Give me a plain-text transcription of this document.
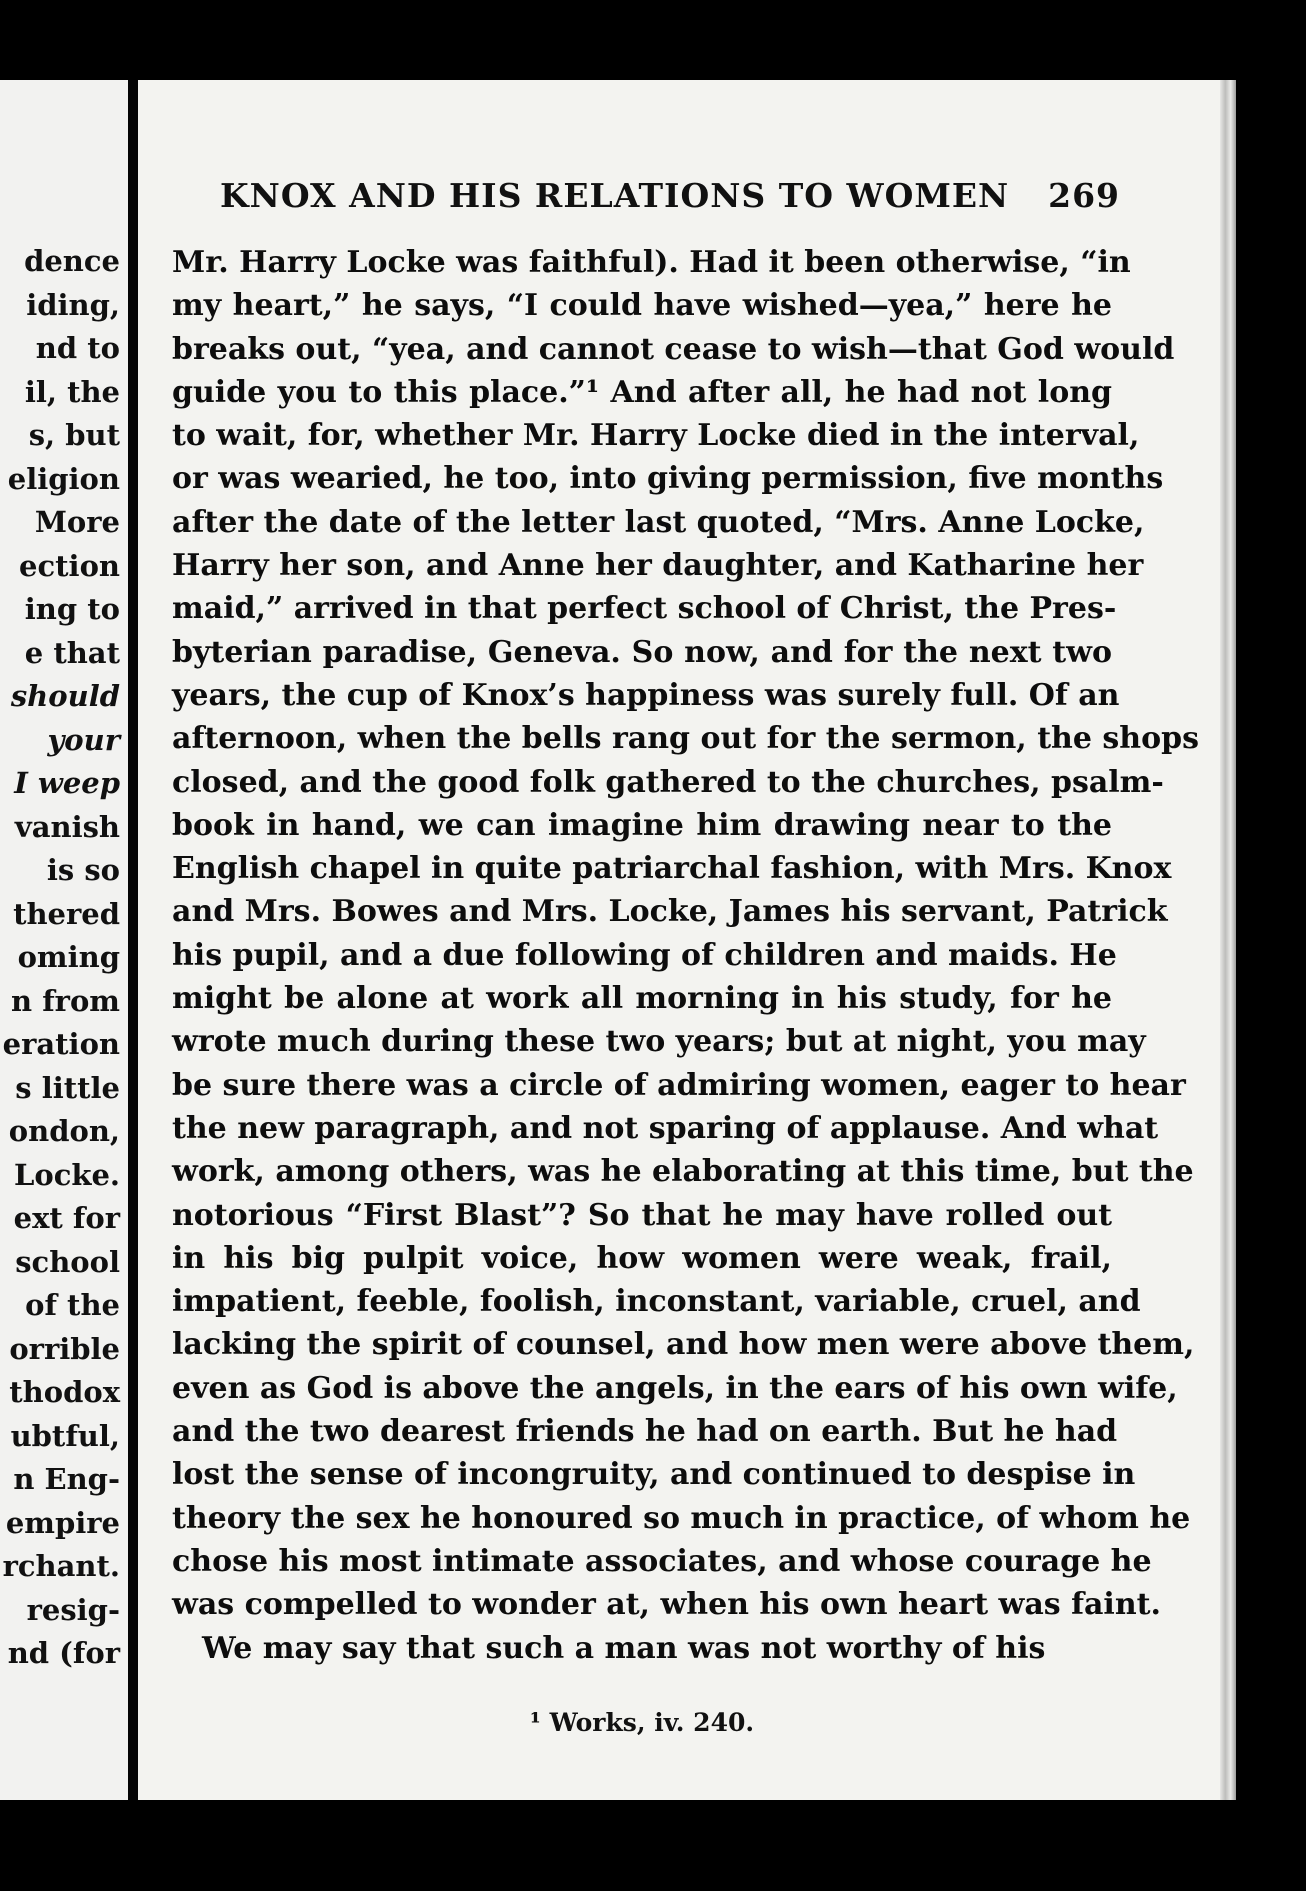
dence
iding,
nd to
il, the
s, but
eligion
More
ection
ing to
e that
should
your
I weep
vanish
is so
thered
oming
n from
eration
s little
ondon,
Locke.
ext for
school
of the
orrible
thodox
ubtful,
n Eng-
empire
rchant.
resig-
nd (for
KNOX AND HIS RELATIONS TO WOMEN 269
Mr. Harry Locke was faithful). Had it been otherwise, “in
my heart,” he says, “I could have wished—yea,” here he
breaks out, “yea, and cannot cease to wish—that God would
guide you to this place.”¹ And after all, he had not long
to wait, for, whether Mr. Harry Locke died in the interval,
or was wearied, he too, into giving permission, five months
after the date of the letter last quoted, “Mrs. Anne Locke,
Harry her son, and Anne her daughter, and Katharine her
maid,” arrived in that perfect school of Christ, the Pres-
byterian paradise, Geneva. So now, and for the next two
years, the cup of Knox’s happiness was surely full. Of an
afternoon, when the bells rang out for the sermon, the shops
closed, and the good folk gathered to the churches, psalm-
book in hand, we can imagine him drawing near to the
English chapel in quite patriarchal fashion, with Mrs. Knox
and Mrs. Bowes and Mrs. Locke, James his servant, Patrick
his pupil, and a due following of children and maids. He
might be alone at work all morning in his study, for he
wrote much during these two years; but at night, you may
be sure there was a circle of admiring women, eager to hear
the new paragraph, and not sparing of applause. And what
work, among others, was he elaborating at this time, but the
notorious “First Blast”? So that he may have rolled out
in his big pulpit voice, how women were weak, frail,
impatient, feeble, foolish, inconstant, variable, cruel, and
lacking the spirit of counsel, and how men were above them,
even as God is above the angels, in the ears of his own wife,
and the two dearest friends he had on earth. But he had
lost the sense of incongruity, and continued to despise in
theory the sex he honoured so much in practice, of whom he
chose his most intimate associates, and whose courage he
was compelled to wonder at, when his own heart was faint.
We may say that such a man was not worthy of his
¹ Works, iv. 240.
